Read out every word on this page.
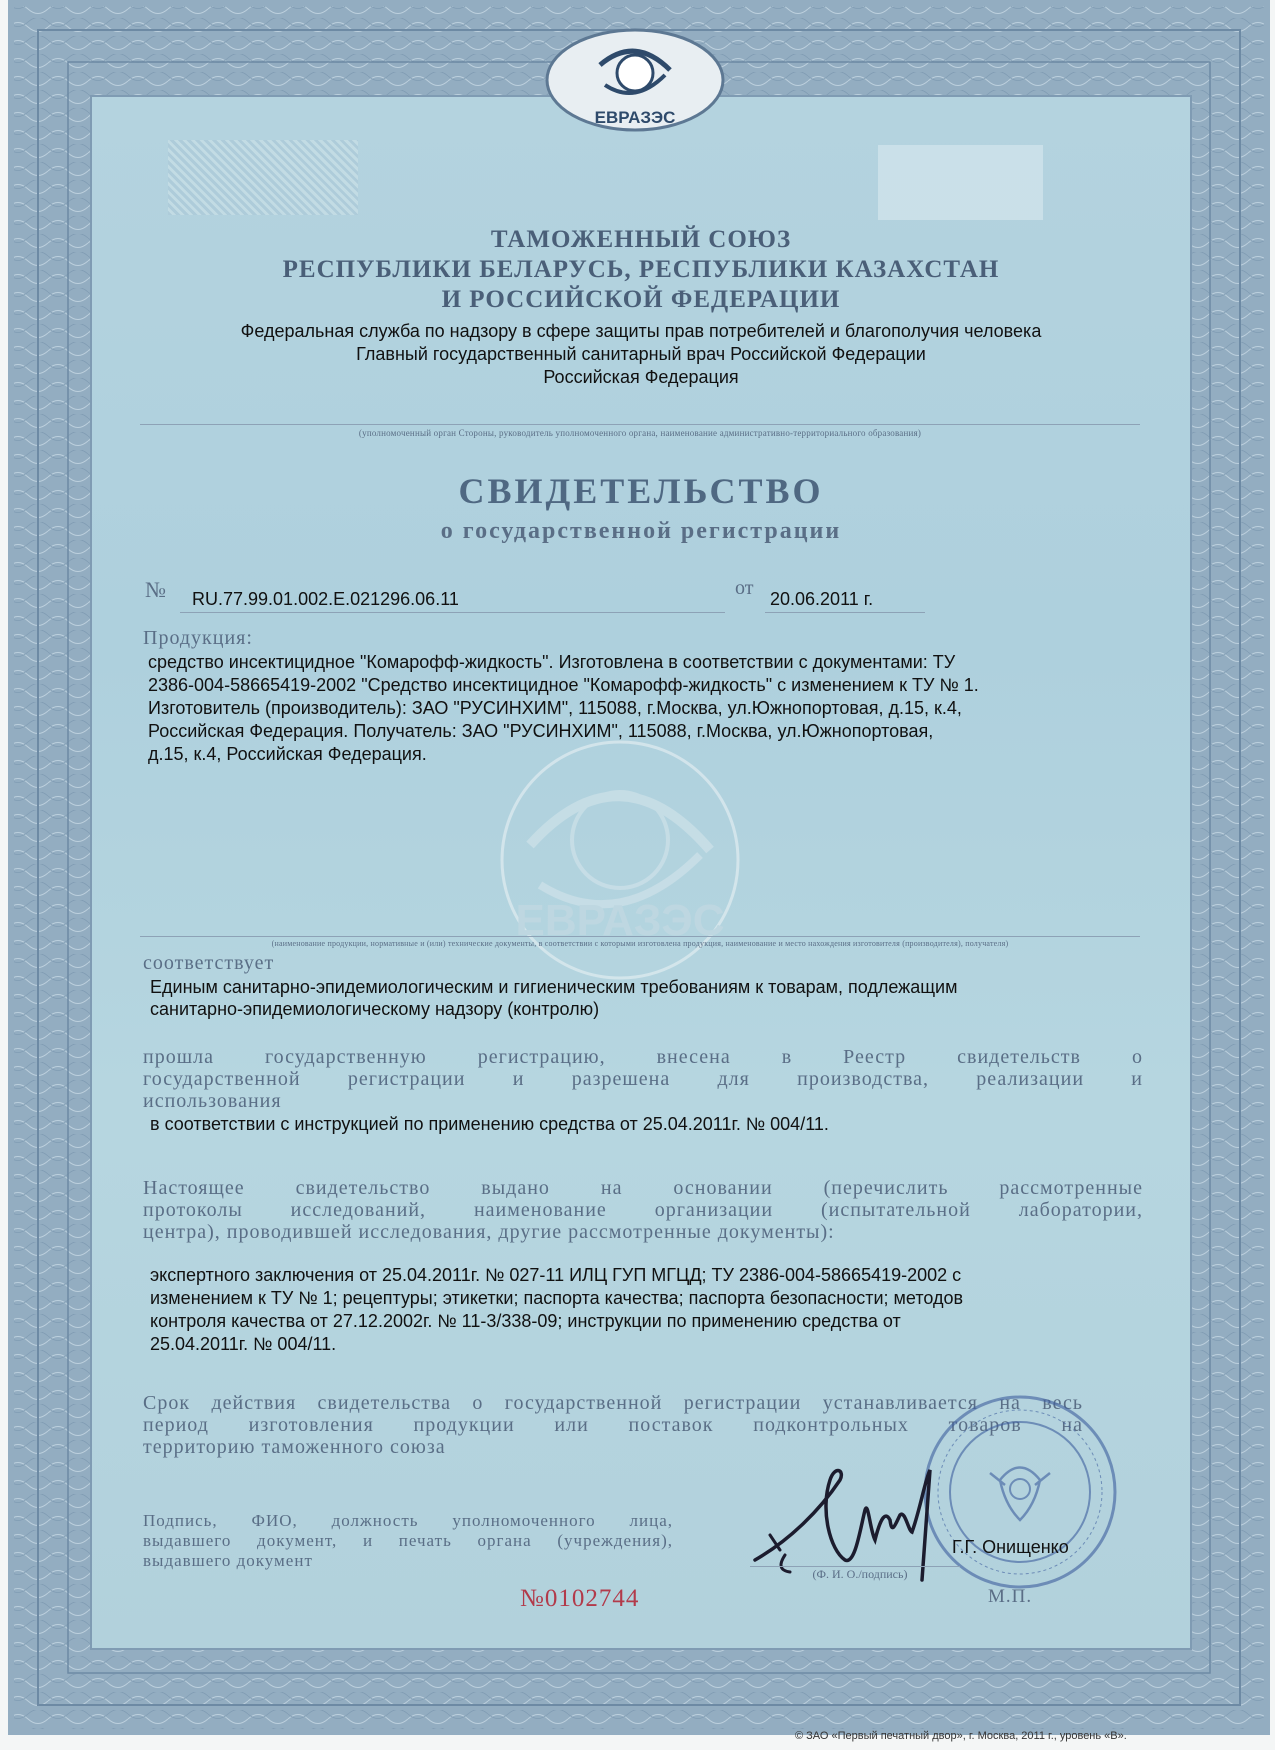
ЕВРАЗЭС
ЕВРАЗЭС
ТАМОЖЕННЫЙ СОЮЗ
РЕСПУБЛИКИ БЕЛАРУСЬ, РЕСПУБЛИКИ КАЗАХСТАН
И РОССИЙСКОЙ ФЕДЕРАЦИИ
Федеральная служба по надзору в сфере защиты прав потребителей и благополучия человека
Главный государственный санитарный врач Российской Федерации
Российская Федерация
(уполномоченный орган Стороны, руководитель уполномоченного органа, наименование административно-территориального образования)
СВИДЕТЕЛЬСТВО
о государственной регистрации
№ RU.77.99.01.002.E.021296.06.11	от 20.06.2011 г.
Продукция:
средство инсектицидное "Комарофф-жидкость". Изготовлена в соответствии с документами: ТУ
2386-004-58665419-2002 "Средство инсектицидное "Комарофф-жидкость" с изменением к ТУ № 1.
Изготовитель (производитель): ЗАО "РУСИНХИМ", 115088, г.Москва, ул.Южнопортовая, д.15, к.4,
Российская Федерация. Получатель: ЗАО "РУСИНХИМ", 115088, г.Москва, ул.Южнопортовая,
д.15, к.4, Российская Федерация.
(наименование продукции, нормативные и (или) технические документы, в соответствии с которыми изготовлена продукция, наименование и место нахождения изготовителя (производителя), получателя)
соответствует
Единым санитарно-эпидемиологическим и гигиеническим требованиям к товарам, подлежащим
санитарно-эпидемиологическому надзору (контролю)
прошла государственную регистрацию, внесена в Реестр свидетельств о
государственной регистрации и разрешена для производства, реализации и
использования
в соответствии с инструкцией по применению средства от 25.04.2011г. № 004/11.
Настоящее свидетельство выдано на основании (перечислить рассмотренные
протоколы исследований, наименование организации (испытательной лаборатории,
центра), проводившей исследования, другие рассмотренные документы):
экспертного заключения от 25.04.2011г. № 027-11 ИЛЦ ГУП МГЦД; ТУ 2386-004-58665419-2002 с
изменением к ТУ № 1; рецептуры; этикетки; паспорта качества; паспорта безопасности; методов
контроля качества от 27.12.2002г. № 11-3/338-09; инструкции по применению средства от
25.04.2011г. № 004/11.
Срок действия свидетельства о государственной регистрации устанавливается на весь
период изготовления продукции или поставок подконтрольных товаров на
территорию таможенного союза
Подпись, ФИО, должность уполномоченного лица,
выдавшего документ, и печать органа (учреждения),
выдавшего документ
Г.Г. Онищенко
(Ф. И. О./подпись)
М.П.
№0102744
© ЗАО «Первый печатный двор», г. Москва, 2011 г., уровень «В».
